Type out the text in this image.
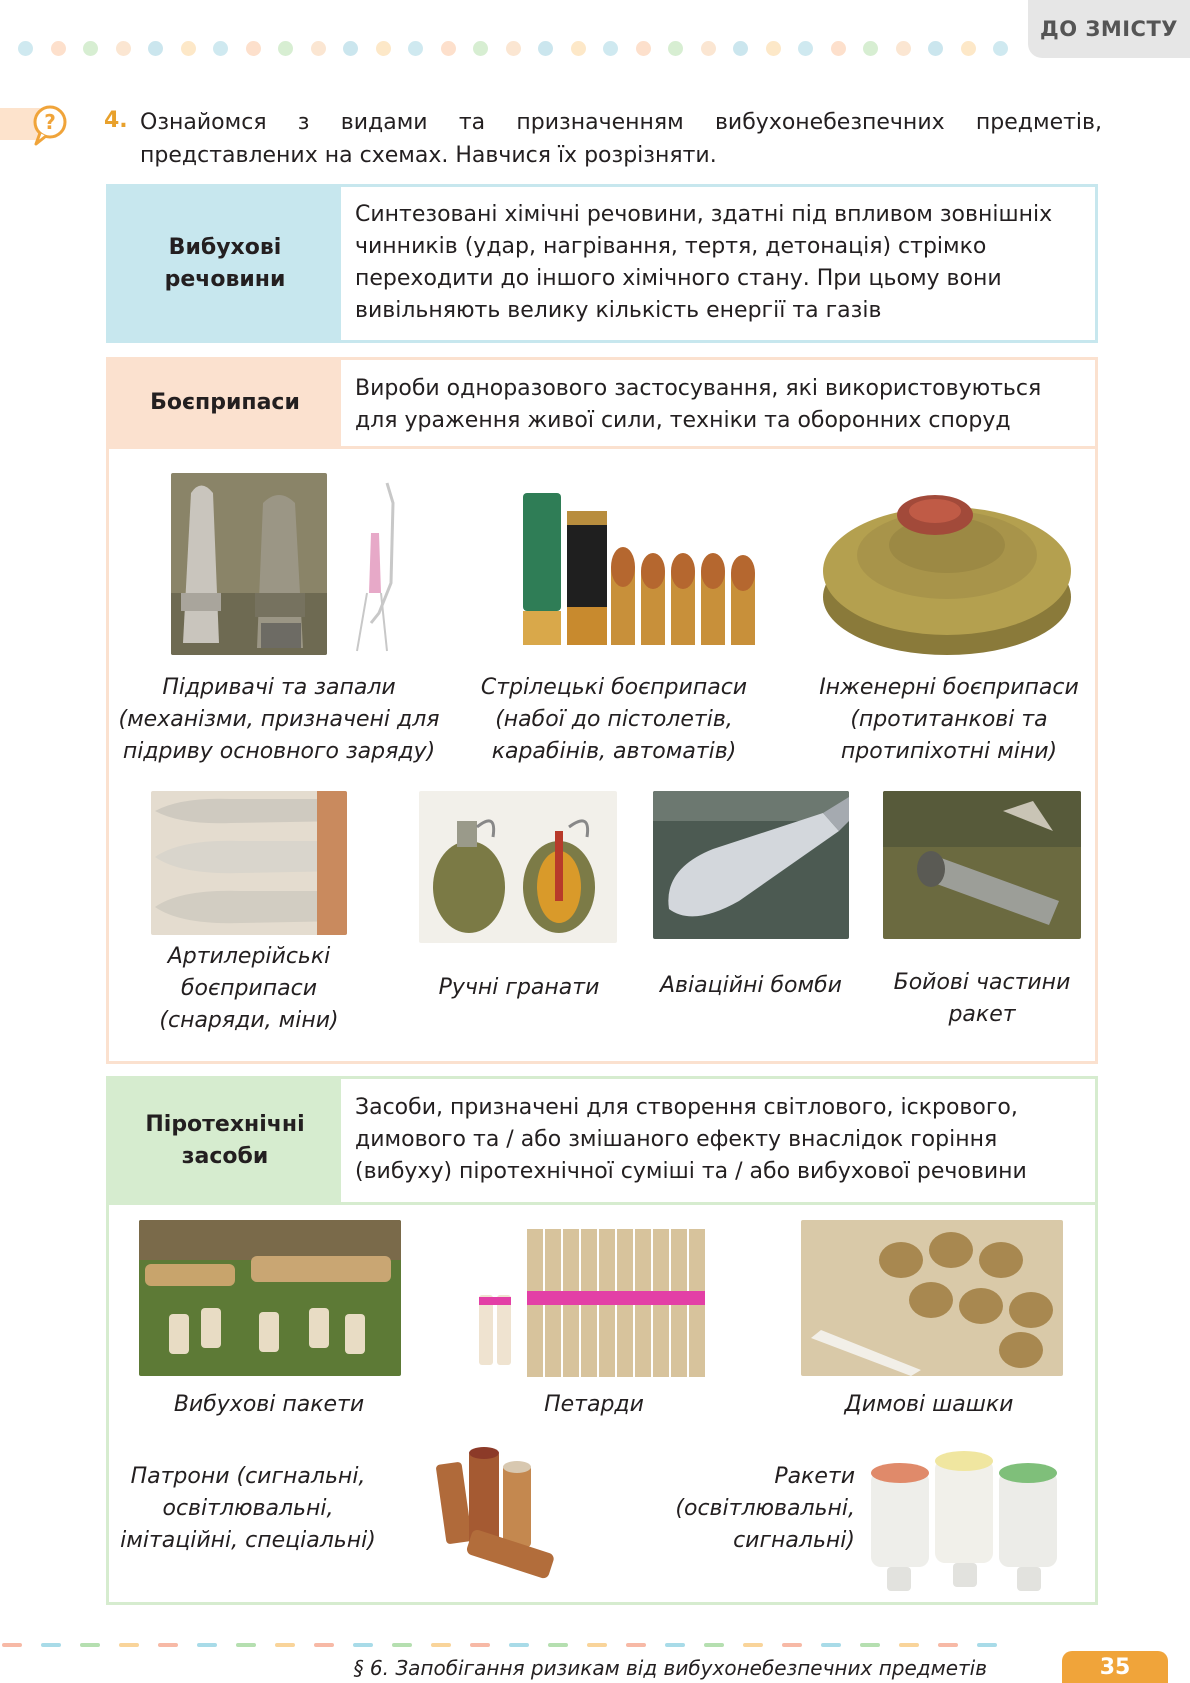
ДО ЗМІСТУ
? 4. Ознайомся з видами та призначенням вибухонебезпечних предметів, представлених на схемах. Навчися їх розрізняти.
Вибухові речовини
Синтезовані хімічні речовини, здатні під впливом зовнішніх чинників (удар, нагрівання, тертя, детонація) стрімко переходити до іншого хімічного стану. При цьому вони вивільняють велику кількість енергії та газів
Боєприпаси
Вироби одноразового застосування, які використовуються для ураження живої сили, техніки та оборонних споруд
Підривачі та запали (механізми, призначені для підриву основного заряду)
Стрілецькі боєприпаси (набої до пістолетів, карабінів, автоматів)
Інженерні боєприпаси (протитанкові та протипіхотні міни)
Артилерійські боєприпаси (снаряди, міни)
Ручні гранати	Авіаційні бомби	Бойові частини ракет
Піротехнічні засоби
Засоби, призначені для створення світлового, іскрового, димового та / або змішаного ефекту внаслідок горіння (вибуху) піротехнічної суміші та / або вибухової речовини
Вибухові пакети	Петарди	Димові шашки
Патрони (сигнальні, освітлювальні, імітаційні, спеціальні)
Ракети (освітлювальні, сигнальні)
§ 6. Запобігання ризикам від вибухонебезпечних предметів	35
